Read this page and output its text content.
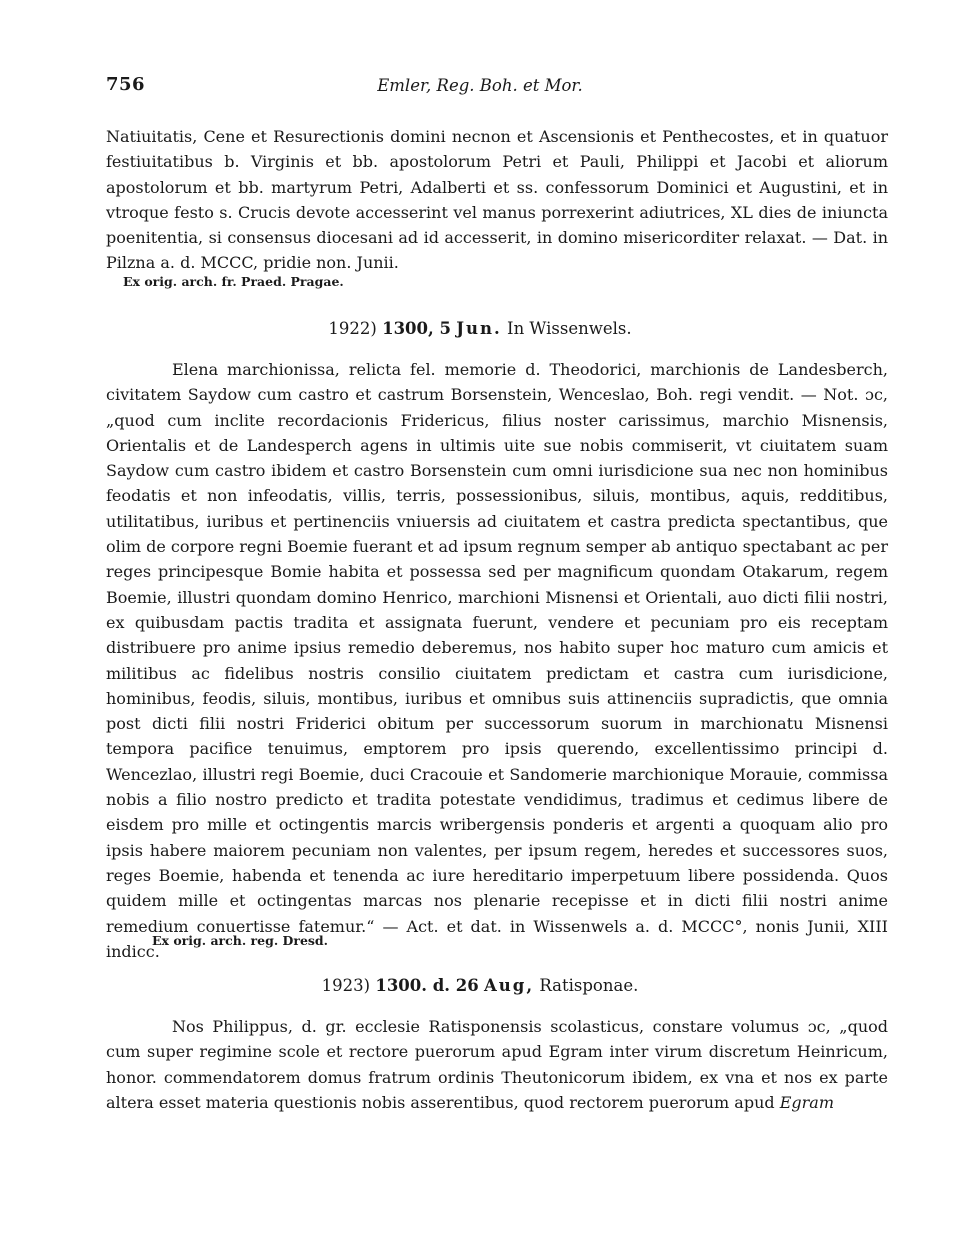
756	Emler, Reg. Boh. et Mor.

Natiuitatis, Cene et Resurectionis domini necnon et Ascensionis et Penthecostes, et in quatuor festiuitatibus b. Virginis et bb. apostolorum Petri et Pauli, Philippi et Jacobi et aliorum apostolorum et bb. martyrum Petri, Adalberti et ss. confessorum Dominici et Augustini, et in vtroque festo s. Crucis devote accesserint vel manus porrexerint adiutrices, XL dies de iniuncta poenitentia, si consensus diocesani ad id accesserit, in domino misericorditer relaxat. — Dat. in Pilzna a. d. MCCC, pridie non. Junii.

Ex orig. arch. fr. Praed. Pragae.

1922) 1300, 5 Jun. In Wissenwels.

Elena marchionissa, relicta fel. memorie d. Theodorici, marchionis de Landesberch, civitatem Saydow cum castro et castrum Borsenstein, Wenceslao, Boh. regi vendit. — Not. ɔc, „quod cum inclite recordacionis Fridericus, filius noster carissimus, marchio Misnensis, Orientalis et de Landesperch agens in ultimis uite sue nobis commiserit, vt ciuitatem suam Saydow cum castro ibidem et castro Borsenstein cum omni iurisdicione sua nec non hominibus feodatis et non infeodatis, villis, terris, possessionibus, siluis, montibus, aquis, redditibus, utilitatibus, iuribus et pertinenciis vniuersis ad ciuitatem et castra predicta spectantibus, que olim de corpore regni Boemie fuerant et ad ipsum regnum semper ab antiquo spectabant ac per reges principesque Bomie habita et possessa sed per magnificum quondam Otakarum, regem Boemie, illustri quondam domino Henrico, marchioni Misnensi et Orientali, auo dicti filii nostri, ex quibusdam pactis tradita et assignata fuerunt, vendere et pecuniam pro eis receptam distribuere pro anime ipsius remedio deberemus, nos habito super hoc maturo cum amicis et militibus ac fidelibus nostris consilio ciuitatem predictam et castra cum iurisdicione, hominibus, feodis, siluis, montibus, iuribus et omnibus suis attinenciis supradictis, que omnia post dicti filii nostri Friderici obitum per successorum suorum in marchionatu Misnensi tempora pacifice tenuimus, emptorem pro ipsis querendo, excellentissimo principi d. Wencezlao, illustri regi Boemie, duci Cracouie et Sandomerie marchionique Morauie, commissa nobis a filio nostro predicto et tradita potestate vendidimus, tradimus et cedimus libere de eisdem pro mille et octingentis marcis wribergensis ponderis et argenti a quoquam alio pro ipsis habere maiorem pecuniam non valentes, per ipsum regem, heredes et successores suos, reges Boemie, habenda et tenenda ac iure hereditario imperpetuum libere possidenda. Quos quidem mille et octingentas marcas nos plenarie recepisse et in dicti filii nostri anime remedium conuertisse fatemur.“ — Act. et dat. in Wissenwels a. d. MCCC°, nonis Junii, XIII indicc.

Ex orig. arch. reg. Dresd.

1923) 1300. d. 26 Aug, Ratisponae.

Nos Philippus, d. gr. ecclesie Ratisponensis scolasticus, constare volumus ɔc, „quod cum super regimine scole et rectore puerorum apud Egram inter virum discretum Heinricum, honor. commendatorem domus fratrum ordinis Theutonicorum ibidem, ex vna et nos ex parte altera esset materia questionis nobis asserentibus, quod rectorem puerorum apud Egram
